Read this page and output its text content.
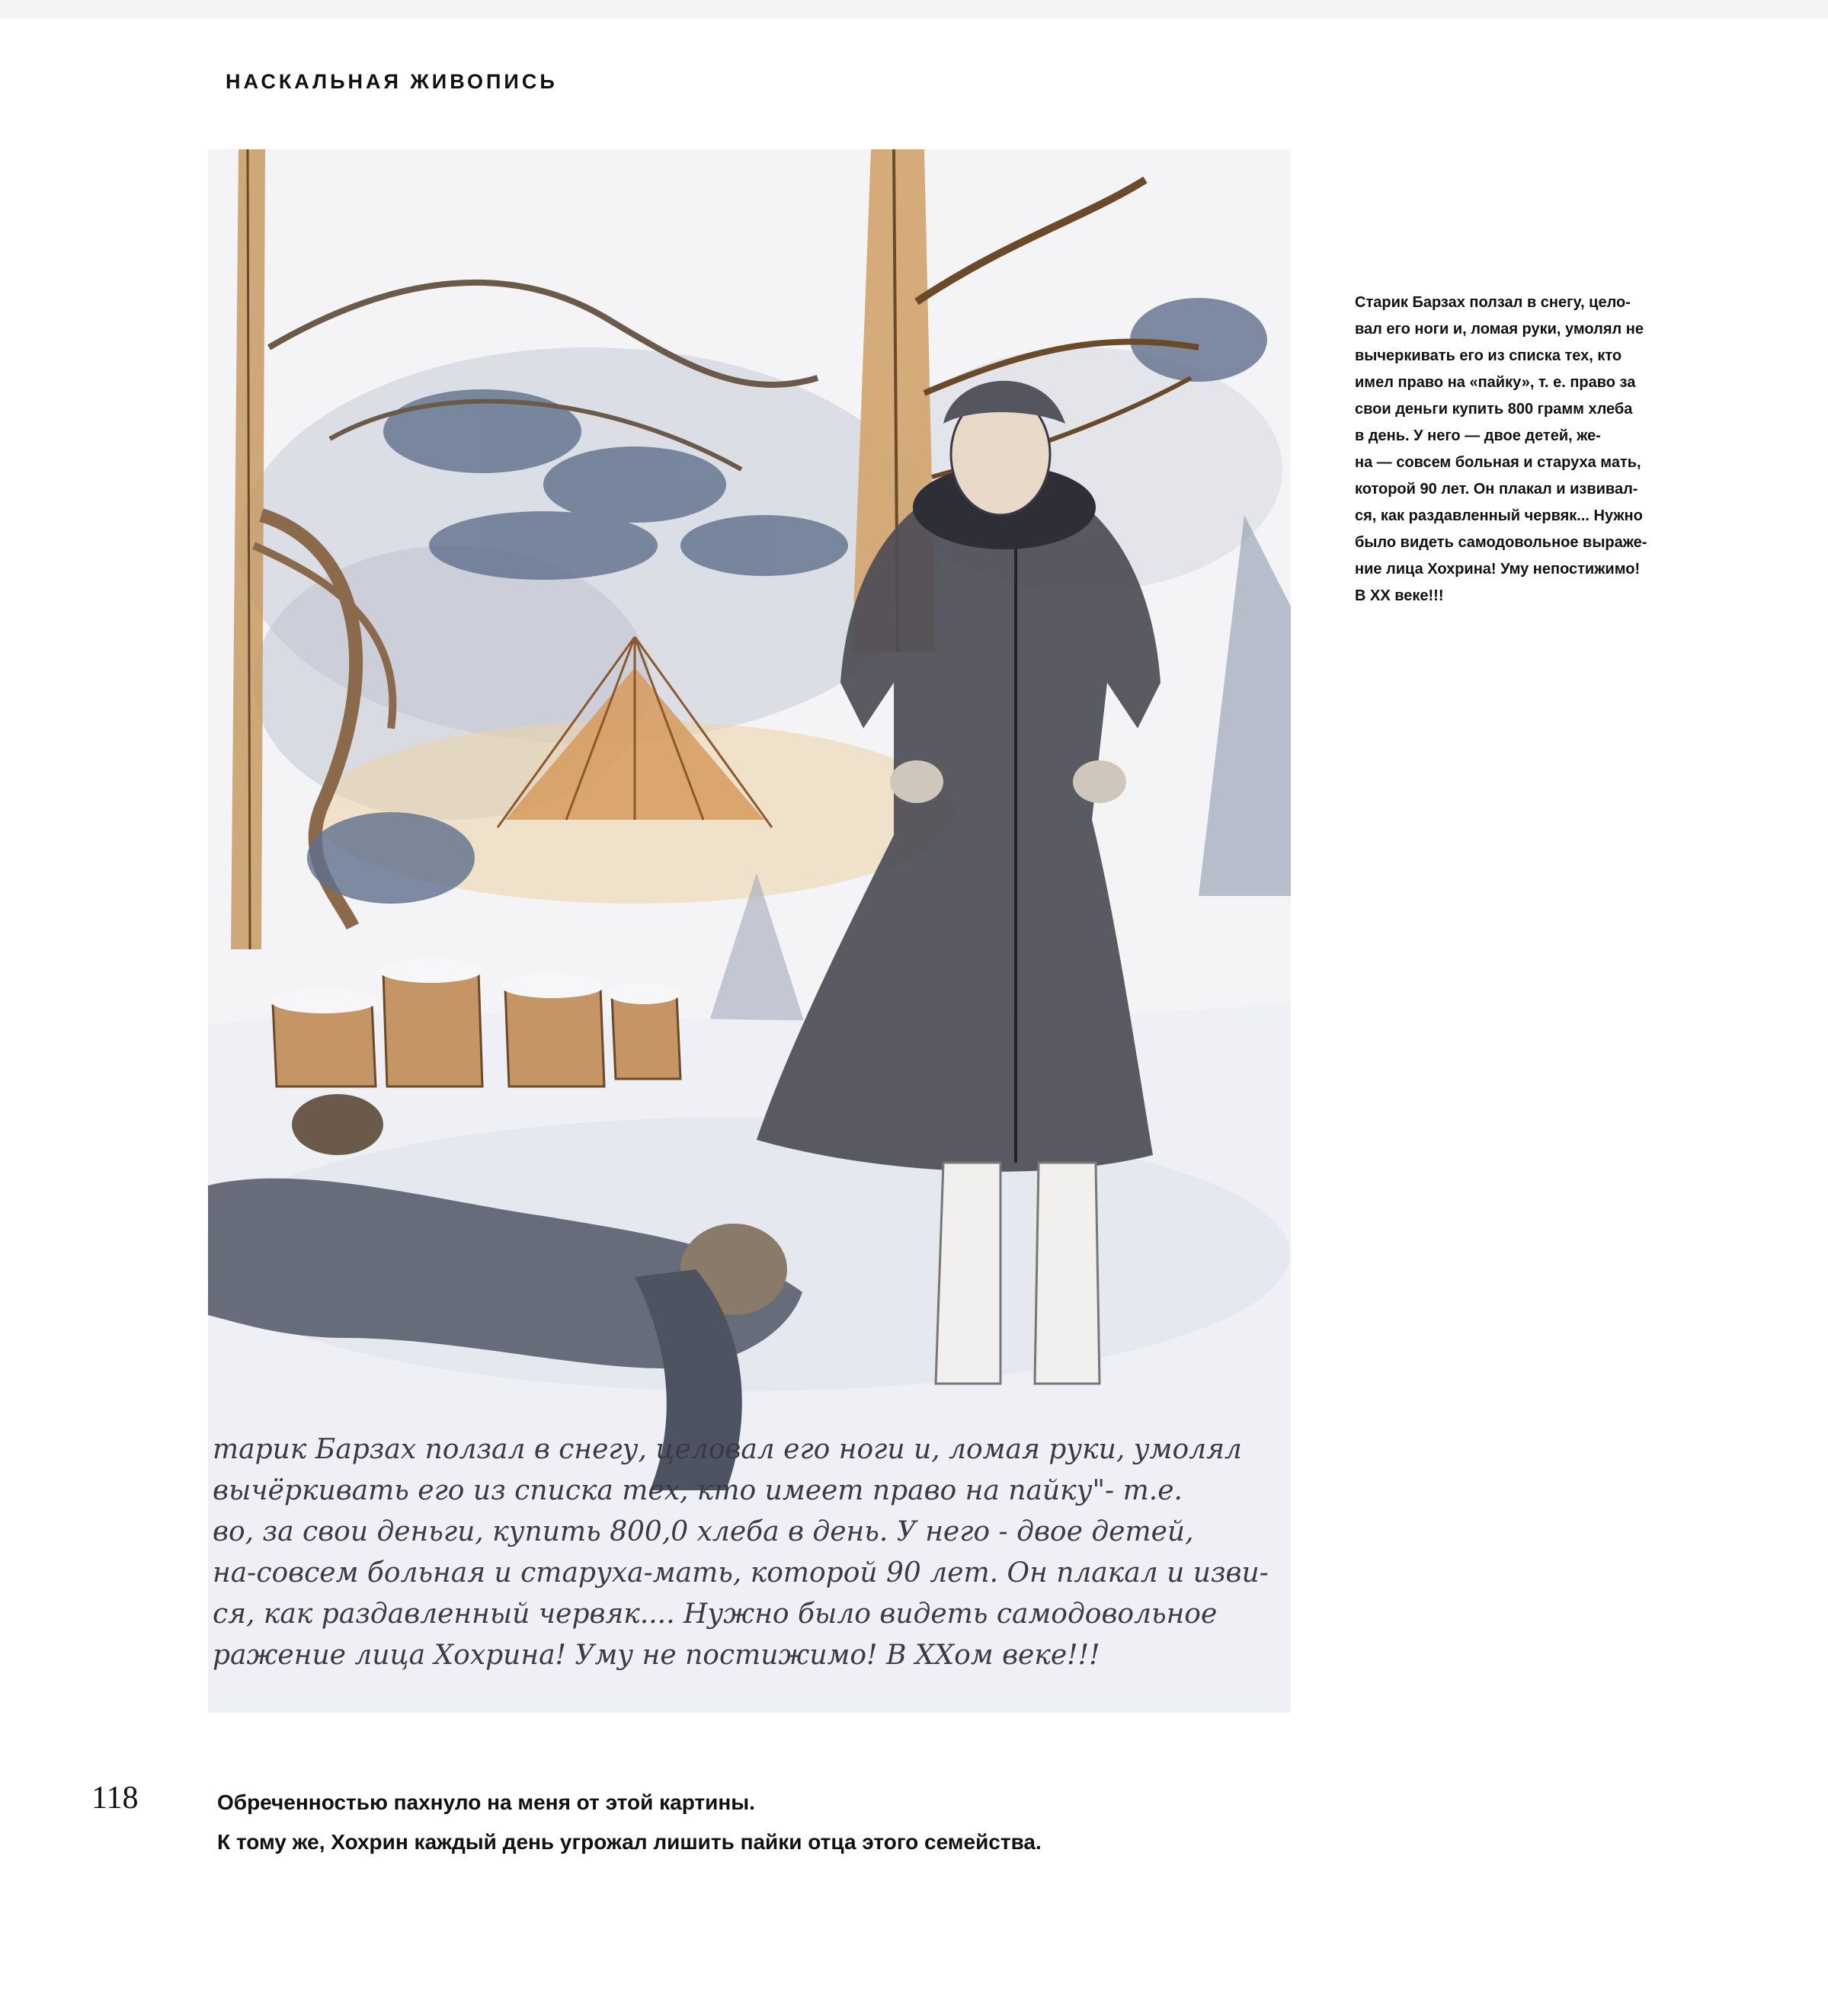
НАСКАЛЬНАЯ ЖИВОПИСЬ
тарик Барзах ползал в снегу, целовал его ноги и, ломая руки, умолял
вычёркивать его из списка тех, кто имеет право на пайку"- т.е.
во, за свои деньги, купить 800,0 хлеба в день. У него - двое детей,
на-совсем больная и старуха-мать, которой 90 лет. Он плакал и изви-
ся, как раздавленный червяк.... Нужно было видеть самодовольное
ражение лица Хохрина! Уму не постижимо! В XXом веке!!!
Старик Барзах ползал в снегу, цело-
вал его ноги и, ломая руки, умолял не
вычеркивать его из списка тех, кто
имел право на «пайку», т. е. право за
свои деньги купить 800 грамм хлеба
в день. У него — двое детей, же-
на — совсем больная и старуха мать,
которой 90 лет. Он плакал и извивал-
ся, как раздавленный червяк... Нужно
было видеть самодовольное выраже-
ние лица Хохрина! Уму непостижимо!
В XX веке!!!
118	Обреченностью пахнуло на меня от этой картины.
К тому же, Хохрин каждый день угрожал лишить пайки отца этого семейства.
